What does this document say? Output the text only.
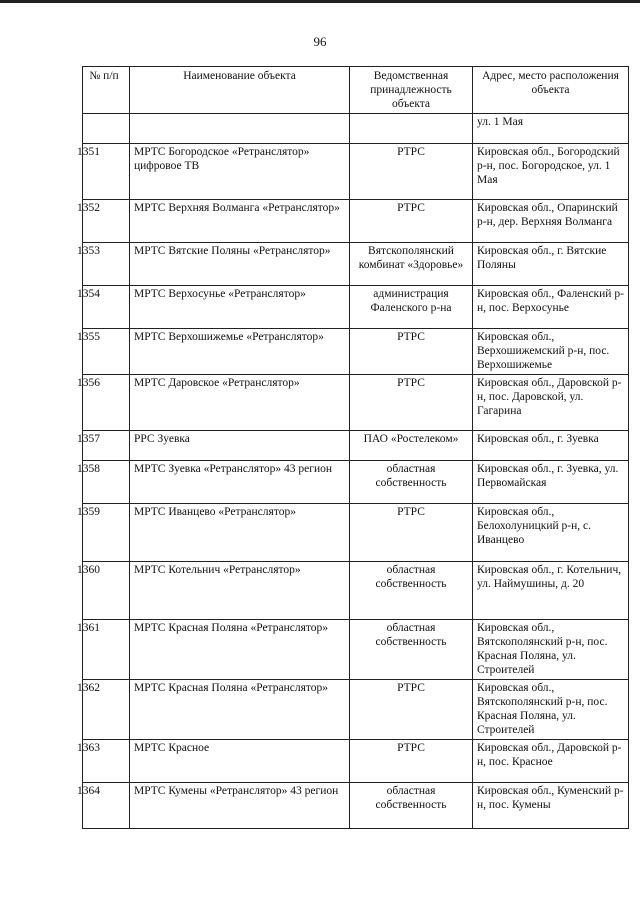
96
№ п/п	Наименование объекта	Ведомственная принадлежность объекта	Адрес, место расположения объекта
			ул. 1 Мая
1351	МРТС Богородское «Ретранслятор» цифровое ТВ	РТРС	Кировская обл., Богородский р-н, пос. Богородское, ул. 1 Мая
1352	МРТС Верхняя Волманга «Ретранслятор»	РТРС	Кировская обл., Опаринский р-н, дер. Верхняя Волманга
1353	МРТС Вятские Поляны «Ретранслятор»	Вятскополянский комбинат «Здоровье»	Кировская обл., г. Вятские Поляны
1354	МРТС Верхосунье «Ретранслятор»	администрация Фаленского р-на	Кировская обл., Фаленский р-н, пос. Верхосунье
1355	МРТС Верхошижемье «Ретранслятор»	РТРС	Кировская обл., Верхошижемский р-н, пос. Верхошижемье
1356	МРТС Даровское «Ретранслятор»	РТРС	Кировская обл., Даровской р-н, пос. Даровской, ул. Гагарина
1357	РРС Зуевка	ПАО «Ростелеком»	Кировская обл., г. Зуевка
1358	МРТС Зуевка «Ретранслятор» 43 регион	областная собственность	Кировская обл., г. Зуевка, ул. Первомайская
1359	МРТС Иванцево «Ретранслятор»	РТРС	Кировская обл., Белохолуницкий р-н, с. Иванцево
1360	МРТС Котельнич «Ретранслятор»	областная собственность	Кировская обл., г. Котельнич, ул. Наймушины, д. 20
1361	МРТС Красная Поляна «Ретранслятор»	областная собственность	Кировская обл., Вятскополянский р-н, пос. Красная Поляна, ул. Строителей
1362	МРТС Красная Поляна «Ретранслятор»	РТРС	Кировская обл., Вятскополянский р-н, пос. Красная Поляна, ул. Строителей
1363	МРТС Красное	РТРС	Кировская обл., Даровской р-н, пос. Красное
1364	МРТС Кумены «Ретранслятор» 43 регион	областная собственность	Кировская обл., Куменский р-н, пос. Кумены
